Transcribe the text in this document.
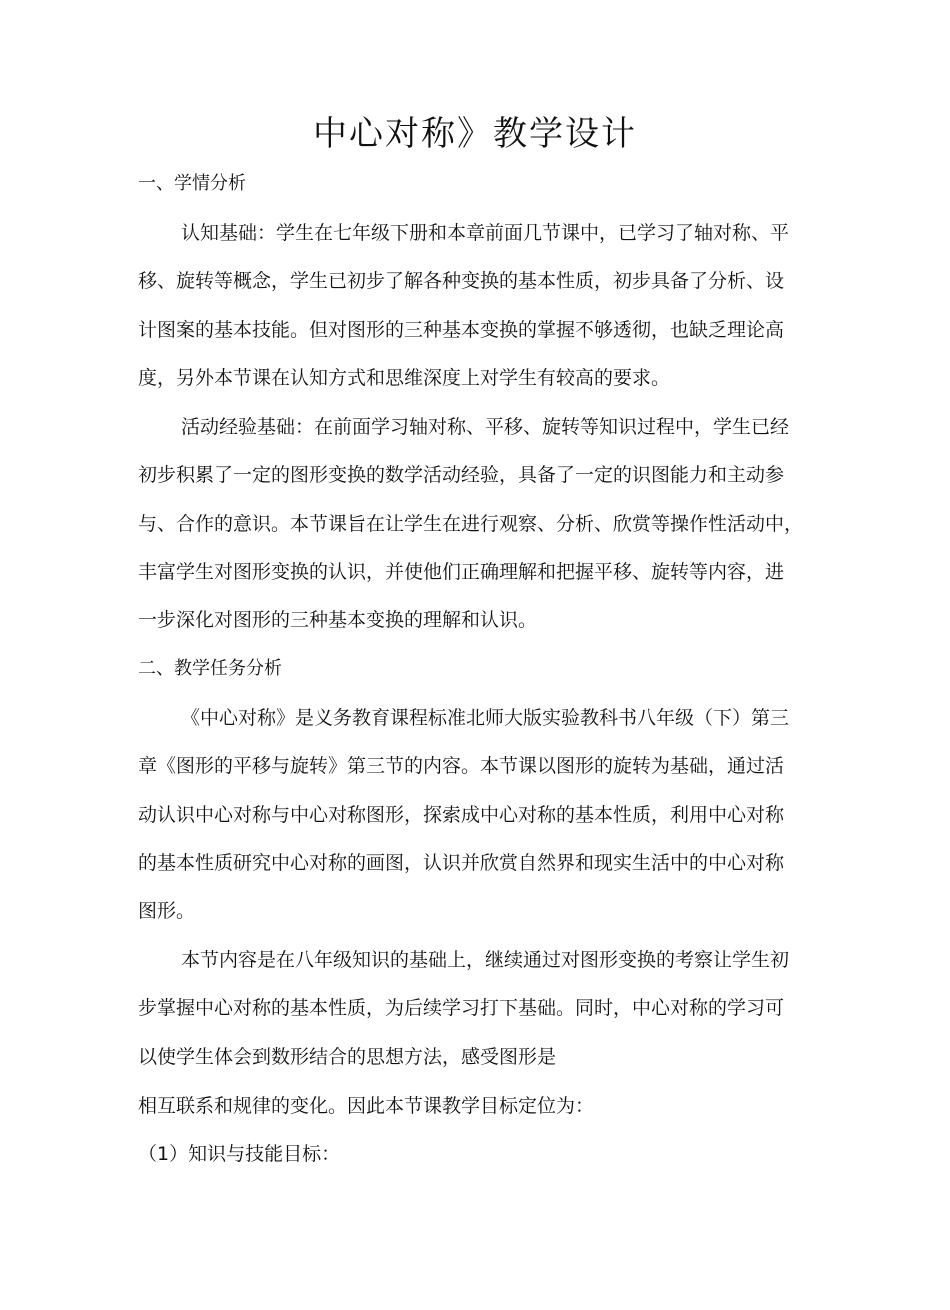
中心对称》教学设计

一、学情分析

认知基础：学生在七年级下册和本章前面几节课中，已学习了轴对称、平

移、旋转等概念，学生已初步了解各种变换的基本性质，初步具备了分析、设

计图案的基本技能。但对图形的三种基本变换的掌握不够透彻，也缺乏理论高

度，另外本节课在认知方式和思维深度上对学生有较高的要求。

活动经验基础：在前面学习轴对称、平移、旋转等知识过程中，学生已经

初步积累了一定的图形变换的数学活动经验，具备了一定的识图能力和主动参

与、合作的意识。本节课旨在让学生在进行观察、分析、欣赏等操作性活动中，

丰富学生对图形变换的认识，并使他们正确理解和把握平移、旋转等内容，进

一步深化对图形的三种基本变换的理解和认识。

二、教学任务分析

《中心对称》是义务教育课程标准北师大版实验教科书八年级（下）第三

章《图形的平移与旋转》第三节的内容。本节课以图形的旋转为基础，通过活

动认识中心对称与中心对称图形，探索成中心对称的基本性质，利用中心对称

的基本性质研究中心对称的画图，认识并欣赏自然界和现实生活中的中心对称

图形。

本节内容是在八年级知识的基础上，继续通过对图形变换的考察让学生初

步掌握中心对称的基本性质，为后续学习打下基础。同时，中心对称的学习可

以使学生体会到数形结合的思想方法，感受图形是

相互联系和规律的变化。因此本节课教学目标定位为：

（1）知识与技能目标：
